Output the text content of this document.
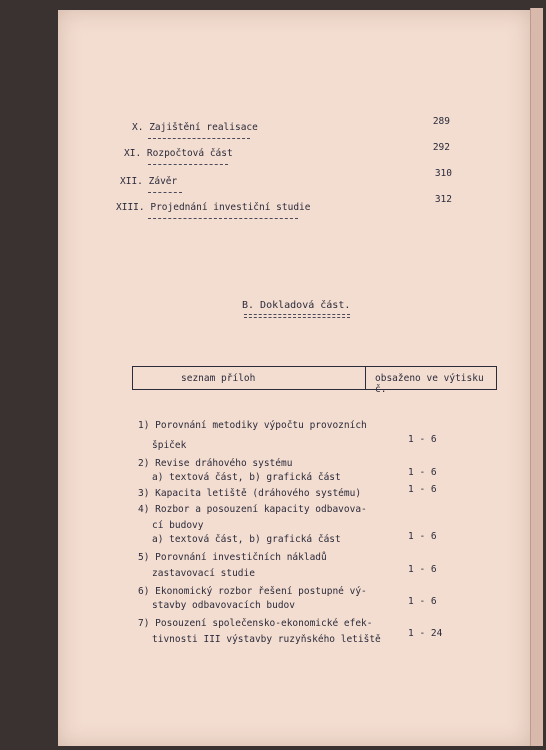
X. Zajištění realisace
289
XI. Rozpočtová část
292
XII. Závěr
310
XIII. Projednání investiční studie
312
B. Dokladová část.
seznam příloh	obsaženo ve výtisku č.
1) Porovnání metodiky výpočtu provozních
špiček
1 - 6
2) Revise dráhového systému
a) textová část, b) grafická část	1 - 6
3) Kapacita letiště (dráhového systému)	1 - 6
4) Rozbor a posouzení kapacity odbavova-
cí budovy
a) textová část, b) grafická část	1 - 6
5) Porovnání investičních nákladů
zastavovací studie	1 - 6
6) Ekonomický rozbor řešení postupné vý-
stavby odbavovacích budov	1 - 6
7) Posouzení společensko-ekonomické efek-
tivnosti III výstavby ruzyňského letiště
1 - 24
